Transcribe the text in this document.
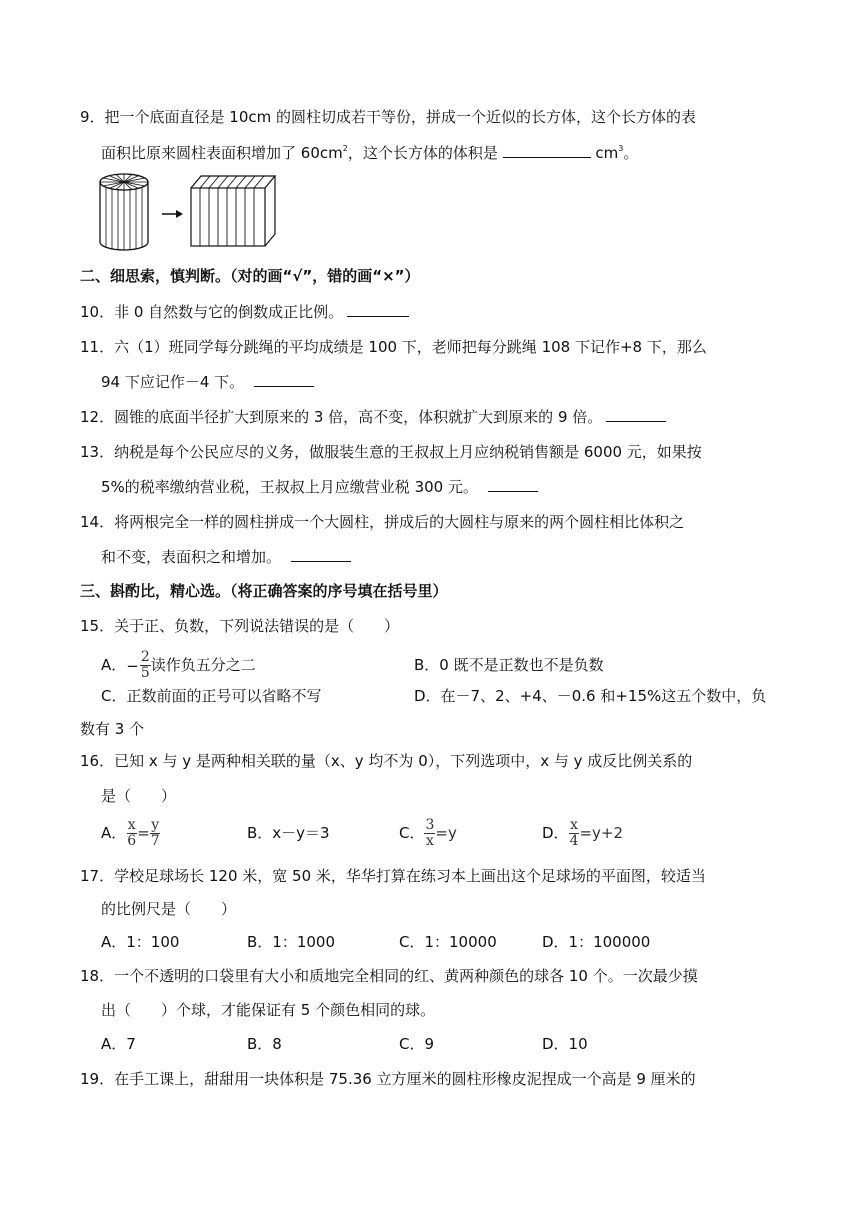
9．把一个底面直径是 10cm 的圆柱切成若干等份，拼成一个近似的长方体，这个长方体的表
面积比原来圆柱表面积增加了 $60cm^2$，这个长方体的体积是	$cm^3$。
二、细思索，慎判断。（对的画“√”，错的画“×”）
10．非 0 自然数与它的倒数成正比例。
11．六（1）班同学每分跳绳的平均成绩是 100 下，老师把每分跳绳 108 下记作+8 下，那么
94 下应记作－4 下。
12．圆锥的底面半径扩大到原来的 3 倍，高不变，体积就扩大到原来的 9 倍。
13．纳税是每个公民应尽的义务，做服装生意的王叔叔上月应纳税销售额是 6000 元，如果按
5%的税率缴纳营业税，王叔叔上月应缴营业税 300 元。
14．将两根完全一样的圆柱拼成一个大圆柱，拼成后的大圆柱与原来的两个圆柱相比体积之
和不变，表面积之和增加。
三、斟酌比，精心选。（将正确答案的序号填在括号里）
15．关于正、负数，下列说法错误的是（　　）
A．− $\frac{2}{5}$ 读作负五分之二	B．0 既不是正数也不是负数
C．正数前面的正号可以省略不写	D．在－7、2、+4、－0.6 和+15%这五个数中，负
数有 3 个
16．已知 x 与 y 是两种相关联的量（x、y 均不为 0），下列选项中，x 与 y 成反比例关系的
是（　　）
A． $\frac{x}{6} = \frac{y}{7}$	B．x－y＝3	C． $\frac{3}{x} =y$	D． $\frac{x}{4} =y+2$
17．学校足球场长 120 米，宽 50 米，华华打算在练习本上画出这个足球场的平面图，较适当
的比例尺是（　　）
A．1：100	B．1：1000	C．1：10000	D．1：100000
18．一个不透明的口袋里有大小和质地完全相同的红、黄两种颜色的球各 10 个。一次最少摸
出（　　）个球，才能保证有 5 个颜色相同的球。
A．7	B．8	C．9	D．10
19．在手工课上，甜甜用一块体积是 75.36 立方厘米的圆柱形橡皮泥捏成一个高是 9 厘米的
